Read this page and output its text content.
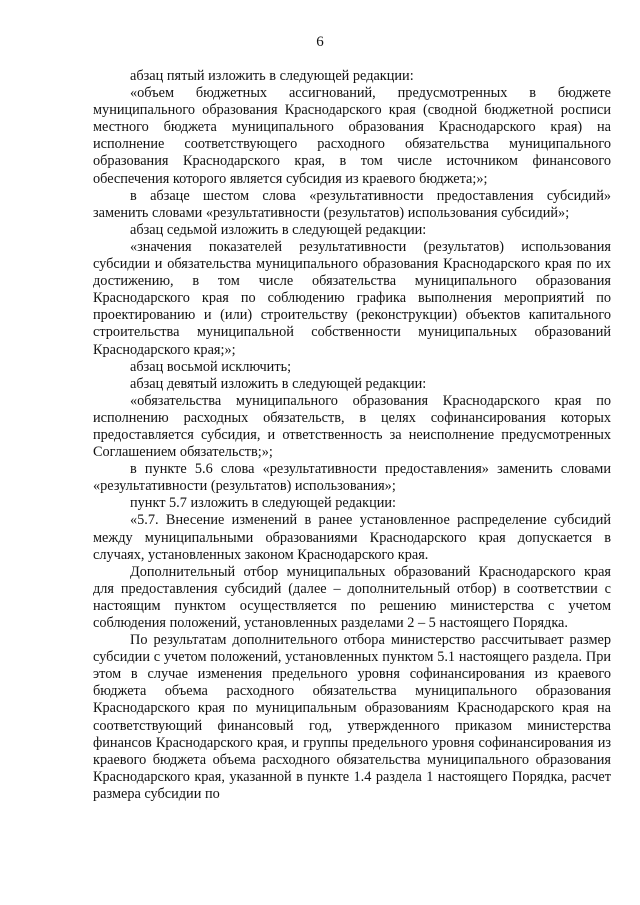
6

абзац пятый изложить в следующей редакции:

«объем бюджетных ассигнований, предусмотренных в бюджете муниципального образования Краснодарского края (сводной бюджетной росписи местного бюджета муниципального образования Краснодарского края) на исполнение соответствующего расходного обязательства муниципального образования Краснодарского края, в том числе источником финансового обеспечения которого является субсидия из краевого бюджета;»;

в абзаце шестом слова «результативности предоставления субсидий» заменить словами «результативности (результатов) использования субсидий»;

абзац седьмой изложить в следующей редакции:

«значения показателей результативности (результатов) использования субсидии и обязательства муниципального образования Краснодарского края по их достижению, в том числе обязательства муниципального образования Краснодарского края по соблюдению графика выполнения мероприятий по проектированию и (или) строительству (реконструкции) объектов капитального строительства муниципальной собственности муниципальных образований Краснодарского края;»;

абзац восьмой исключить;

абзац девятый изложить в следующей редакции:

«обязательства муниципального образования Краснодарского края по исполнению расходных обязательств, в целях софинансирования которых предоставляется субсидия, и ответственность за неисполнение предусмотренных Соглашением обязательств;»;

в пункте 5.6 слова «результативности предоставления» заменить словами «результативности (результатов) использования»;

пункт 5.7 изложить в следующей редакции:

«5.7. Внесение изменений в ранее установленное распределение субсидий между муниципальными образованиями Краснодарского края допускается в случаях, установленных законом Краснодарского края.

Дополнительный отбор муниципальных образований Краснодарского края для предоставления субсидий (далее – дополнительный отбор) в соответствии с настоящим пунктом осуществляется по решению министерства с учетом соблюдения положений, установленных разделами 2 – 5 настоящего Порядка.

По результатам дополнительного отбора министерство рассчитывает размер субсидии с учетом положений, установленных пунктом 5.1 настоящего раздела. При этом в случае изменения предельного уровня софинансирования из краевого бюджета объема расходного обязательства муниципального образования Краснодарского края по муниципальным образованиям Краснодарского края на соответствующий финансовый год, утвержденного приказом министерства финансов Краснодарского края, и группы предельного уровня софинансирования из краевого бюджета объема расходного обязательства муниципального образования Краснодарского края, указанной в пункте 1.4 раздела 1 настоящего Порядка, расчет размера субсидии по
